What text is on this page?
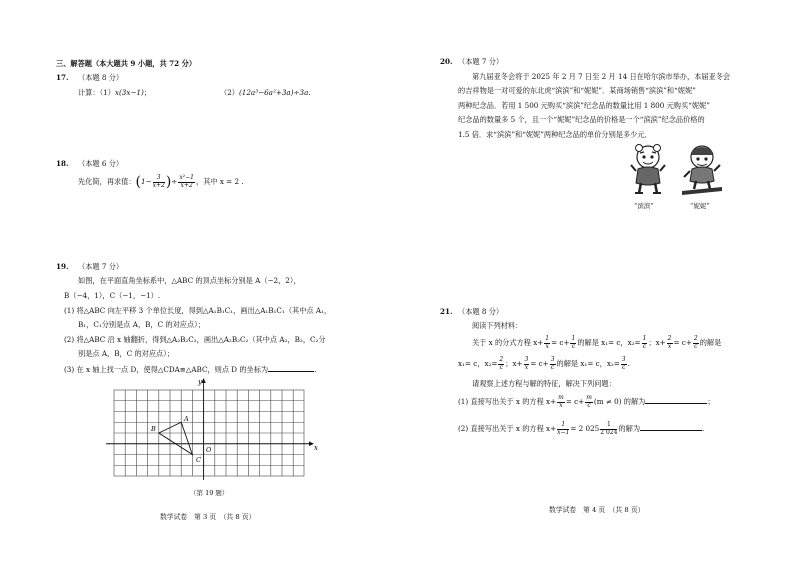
三、解答题（本大题共 9 小题，共 72 分）
17. （本题 8 分）
计算：（1）x(3x−1)；	（2）(12a³−6a²+3a)÷3a.
18. （本题 6 分）
先化简，再求值：($1- \frac{3}{x+2}$ )÷ $\frac{\text{x²−1}}{x+2}$ ，其中 x = 2 .
19. （本题 7 分）
如图，在平面直角坐标系中，△ABC 的顶点坐标分别是 A（−2，2），
B（−4，1），C（−1，−1）.
(1) 将△ABC 向左平移 3 个单位长度，得到△A₁B₁C₁，画出△A₁B₁C₁（其中点 A₁，
B₁，C₁分别是点 A，B，C 的对应点）；
(2) 将△ABC 沿 x 轴翻折，得到△A₂B₂C₂，画出△A₂B₂C₂（其中点 A₂，B₂，C₂分
别是点 A，B，C 的对应点）；
(3) 在 x 轴上找一点 D，使得△CDA≌△ABC，则点 D 的坐标为	.
x
y
O
A
B
C
（第 19 题）
数学试卷　第 3 页　（共 8 页）
20. （本题 7 分）
第九届亚冬会将于 2025 年 2 月 7 日至 2 月 14 日在哈尔滨市举办，本届亚冬会
的吉祥物是一对可爱的东北虎“滨滨”和“妮妮”．某商场销售“滨滨”和“妮妮”
两种纪念品．若用 1 500 元购买“滨滨”纪念品的数量比用 1 800 元购买“妮妮”
纪念品的数量多 5 个，且一个“妮妮”纪念品的价格是一个“滨滨”纪念品价格的
1.5 倍．求“滨滨”和“妮妮”两种纪念品的单价分别是多少元．
“滨滨”	“妮妮”
21. （本题 8 分）
阅读下列材料：
关于 x 的分式方程 $x+ \frac{1}{x} = c+ \frac{1}{c}$ 的解是 x₁= c，$x_2= \frac{1}{c}$ ；$x+ \frac{2}{x} = c+ \frac{2}{c}$ 的解是
x₁= c，$x_2= \frac{2}{c}$ ；$x+ \frac{3}{x} = c+ \frac{3}{c}$ 的解是 x₁= c，$x_2= \frac{3}{c}$ .
请观察上述方程与解的特征，解决下列问题：
(1) 直接写出关于 x 的方程 $x+ \frac{m}{x} = c+ \frac{m}{c} (m \ne 0)$ 的解为	；
(2) 直接写出关于 x 的方程 $x+ \frac{1}{x-1} = 2$ $025 \frac{1}{2 024}$ 的解为	.
数学试卷　第 4 页　（共 8 页）
